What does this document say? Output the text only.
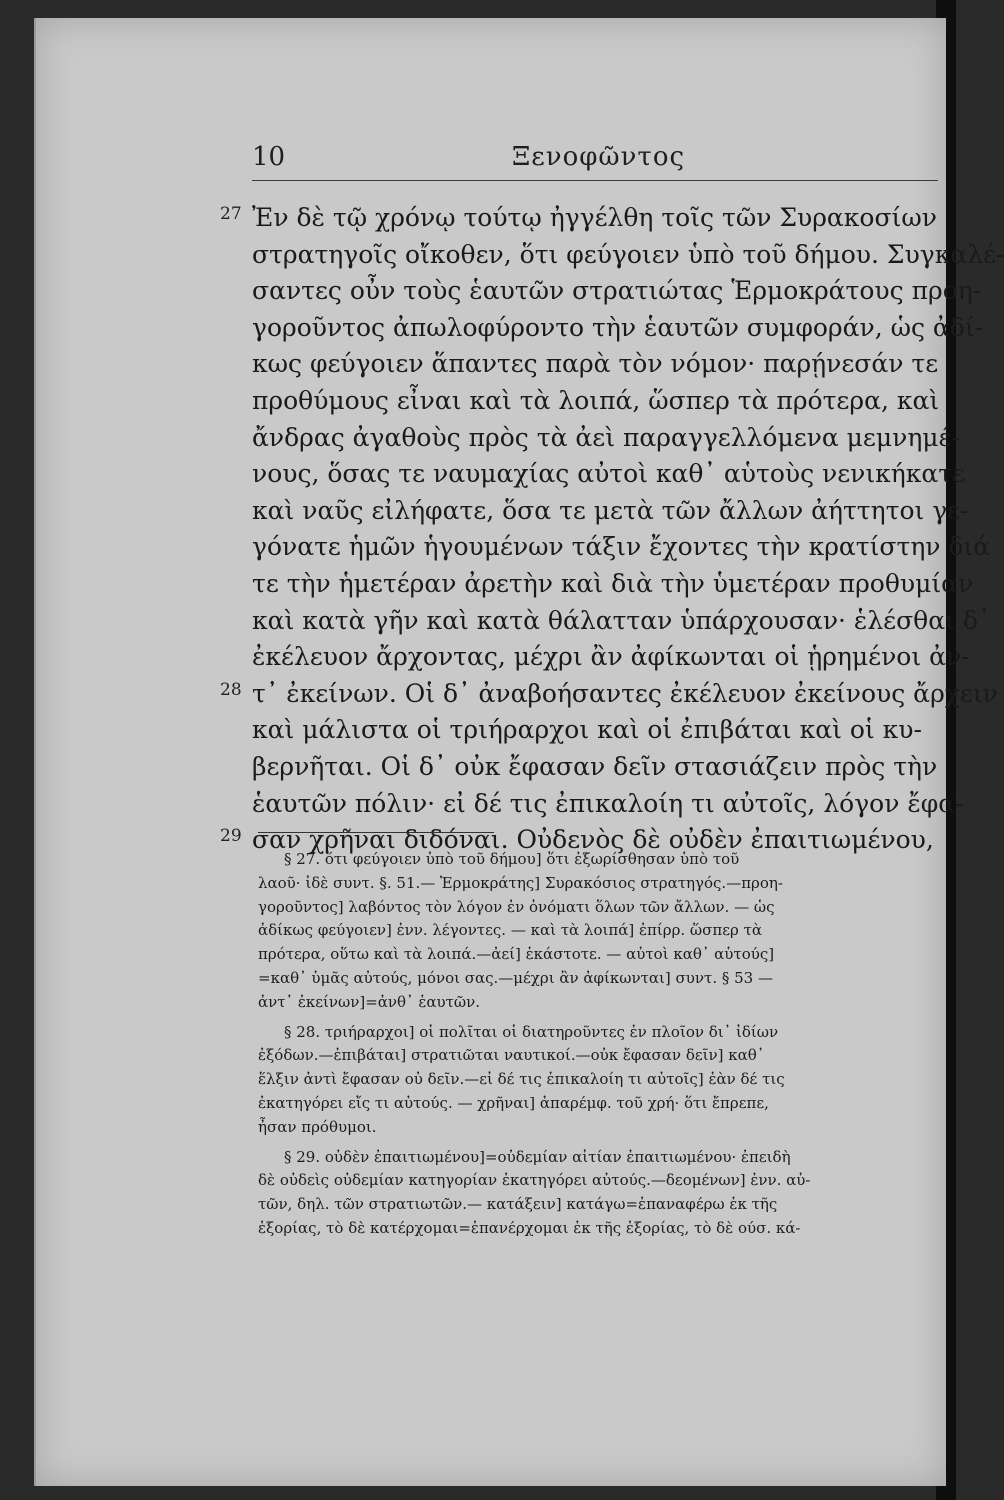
10	Ξενοφῶντος
27 Ἐν δὲ τῷ χρόνῳ τούτῳ ἠγγέλθη τοῖς τῶν Συρακοσίων
στρατηγοῖς οἴκοθεν, ὅτι φεύγοιεν ὑπὸ τοῦ δήμου. Συγκαλέ-
σαντες οὖν τοὺς ἑαυτῶν στρατιώτας Ἑρμοκράτους προη-
γοροῦντος ἀπωλοφύροντο τὴν ἑαυτῶν συμφοράν, ὡς ἀδί-
κως φεύγοιεν ἅπαντες παρὰ τὸν νόμον· παρῄνεσάν τε
προθύμους εἶναι καὶ τὰ λοιπά, ὥσπερ τὰ πρότερα, καὶ
ἄνδρας ἀγαθοὺς πρὸς τὰ ἀεὶ παραγγελλόμενα μεμνημέ-
νους, ὅσας τε ναυμαχίας αὐτοὶ καθ᾽ αὑτοὺς νενικήκατε
καὶ ναῦς εἰλήφατε, ὅσα τε μετὰ τῶν ἄλλων ἀήττητοι γε-
γόνατε ἡμῶν ἡγουμένων τάξιν ἔχοντες τὴν κρατίστην διά
τε τὴν ἡμετέραν ἀρετὴν καὶ διὰ τὴν ὑμετέραν προθυμίαν
καὶ κατὰ γῆν καὶ κατὰ θάλατταν ὑπάρχουσαν· ἑλέσθαι δ᾽
ἐκέλευον ἄρχοντας, μέχρι ἂν ἀφίκωνται οἱ ᾑρημένοι ἀν-
28 τ᾽ ἐκείνων. Οἱ δ᾽ ἀναβοήσαντες ἐκέλευον ἐκείνους ἄρχειν
καὶ μάλιστα οἱ τριήραρχοι καὶ οἱ ἐπιβάται καὶ οἱ κυ-
βερνῆται. Οἱ δ᾽ οὐκ ἔφασαν δεῖν στασιάζειν πρὸς τὴν
ἑαυτῶν πόλιν· εἰ δέ τις ἐπικαλοίη τι αὐτοῖς, λόγον ἔφα-
29 σαν χρῆναι διδόναι. Οὐδενὸς δὲ οὐδὲν ἐπαιτιωμένου,
§ 27. ὅτι φεύγοιεν ὑπὸ τοῦ δήμου] ὅτι ἐξωρίσθησαν ὑπὸ τοῦ
λαοῦ· ἰδὲ συντ. §. 51.— Ἑρμοκράτης] Συρακόσιος στρατηγός.—προη-
γοροῦντος] λαβόντος τὸν λόγον ἐν ὀνόματι ὅλων τῶν ἄλλων. — ὡς
ἀδίκως φεύγοιεν] ἐνν. λέγοντες. — καὶ τὰ λοιπά] ἐπίρρ. ὥσπερ τὰ
πρότερα, οὕτω καὶ τὰ λοιπά.—ἀεί] ἑκάστοτε. — αὐτοὶ καθ᾽ αὑτούς]
=καθ᾽ ὑμᾶς αὐτούς, μόνοι σας.—μέχρι ἂν ἀφίκωνται] συντ. § 53 —
ἀντ᾽ ἐκείνων]=ἀνθ᾽ ἑαυτῶν.
§ 28. τριήραρχοι] οἱ πολῖται οἱ διατηροῦντες ἐν πλοῖον δι᾽ ἰδίων
ἐξόδων.—ἐπιβάται] στρατιῶται ναυτικοί.—οὐκ ἔφασαν δεῖν] καθ᾽
ἕλξιν ἀντὶ ἔφασαν οὐ δεῖν.—εἰ δέ τις ἐπικαλοίη τι αὐτοῖς] ἐὰν δέ τις
ἐκατηγόρει εἴς τι αὐτούς. — χρῆναι] ἀπαρέμφ. τοῦ χρή· ὅτι ἔπρεπε,
ἦσαν πρόθυμοι.
§ 29. οὐδὲν ἐπαιτιωμένου]=οὐδεμίαν αἰτίαν ἐπαιτιωμένου· ἐπειδὴ
δὲ οὐδεὶς οὐδεμίαν κατηγορίαν ἐκατηγόρει αὐτούς.—δεομένων] ἐνν. αὐ-
τῶν, δηλ. τῶν στρατιωτῶν.— κατάξειν] κατάγω=ἐπαναφέρω ἐκ τῆς
ἐξορίας, τὸ δὲ κατέρχομαι=ἐπανέρχομαι ἐκ τῆς ἐξορίας, τὸ δὲ ούσ. κά-
